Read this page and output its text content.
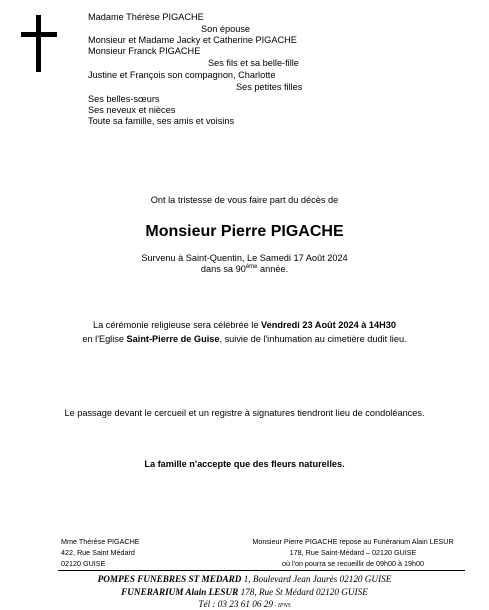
Madame Thérèse PIGACHE
Son épouse
Monsieur et Madame Jacky et Catherine PIGACHE
Monsieur Franck PIGACHE
Ses fils et sa belle-fille
Justine et François son compagnon, Charlotte
Ses petites filles
Ses belles-sœurs
Ses neveux et nièces
Toute sa famille, ses amis et voisins
Ont la tristesse de vous faire part du décès de
Monsieur Pierre PIGACHE
Survenu à Saint-Quentin, Le Samedi 17 Août 2024
dans sa 90ème année.
La cérémonie religieuse sera célébrée le Vendredi 23 Août 2024 à 14H30
en l'Eglise Saint-Pierre de Guise, suivie de l'inhumation au cimetière dudit lieu.
Le passage devant le cercueil et un registre à signatures tiendront lieu de condoléances.
La famille n'accepte que des fleurs naturelles.
Mme Thérèse PIGACHE
422, Rue Saint Médard
02120 GUISE
Monsieur Pierre PIGACHE repose au Funérarium Alain LESUR
178, Rue Saint-Médard – 02120 GUISE
où l'on pourra se recueillir de 09h00 à 19h00
POMPES FUNEBRES ST MEDARD 1, Boulevard Jean Jaurès 02120 GUISE
FUNERARIUM Alain LESUR 178, Rue St Médard 02120 GUISE
Tél : 03 23 61 06 29 - IPNS
